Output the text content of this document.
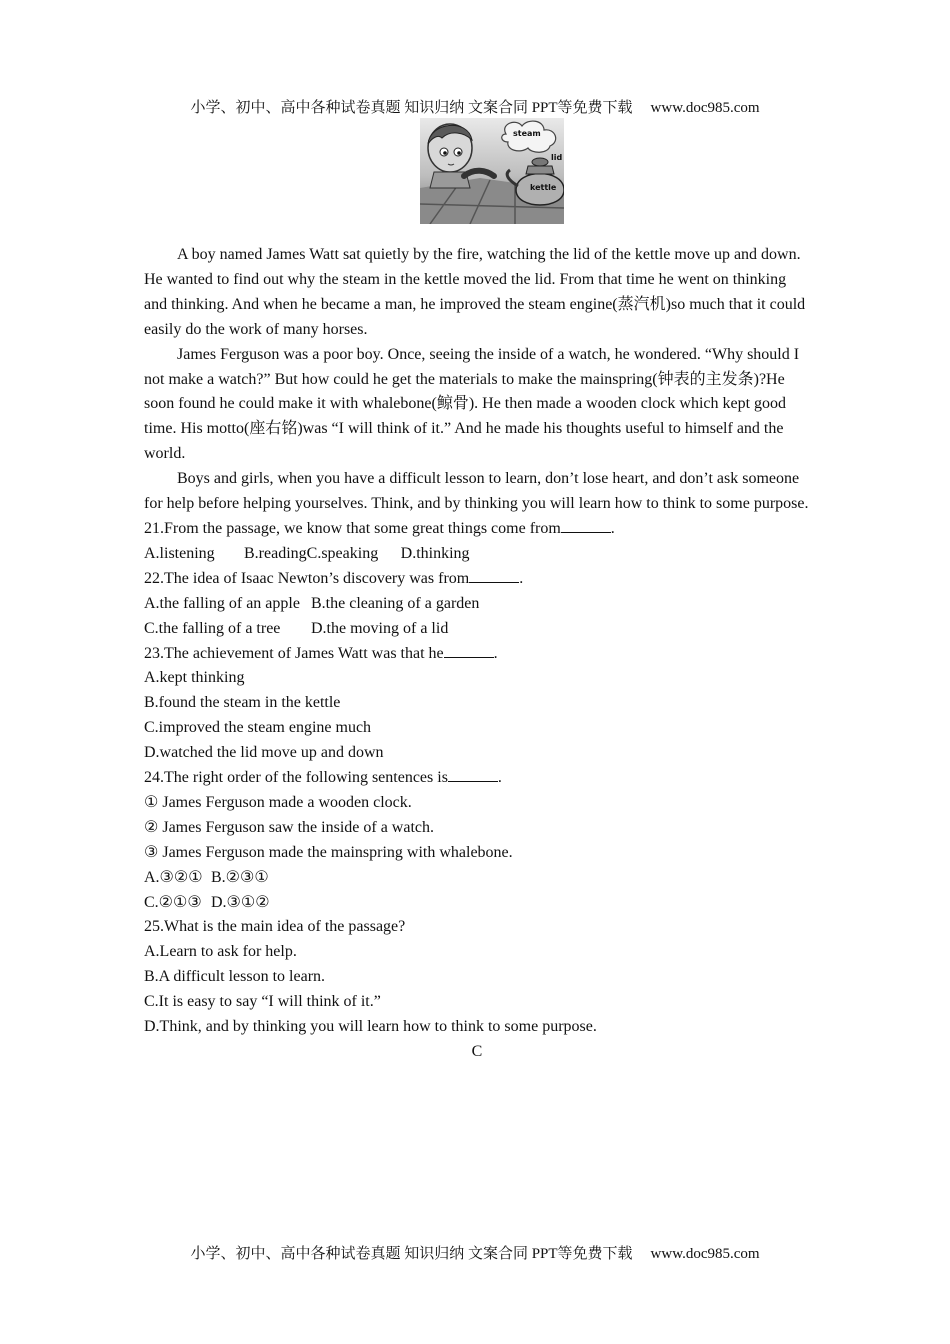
小学、初中、高中各种试卷真题 知识归纳 文案合同 PPT等免费下载 www.doc985.com
steam
lid
kettle

A boy named James Watt sat quietly by the fire, watching the lid of the kettle move up and down. He wanted to find out why the steam in the kettle moved the lid. From that time he went on thinking and thinking. And when he became a man, he improved the steam engine(蒸汽机)so much that it could easily do the work of many horses.

James Ferguson was a poor boy. Once, seeing the inside of a watch, he wondered. “Why should I not make a watch?” But how could he get the materials to make the mainspring(钟表的主发条)?He soon found he could make it with whalebone(鲸骨). He then made a wooden clock which kept good time. His motto(座右铭)was “I will think of it.” And he made his thoughts useful to himself and the world.

Boys and girls, when you have a difficult lesson to learn, don’t lose heart, and don’t ask someone for help before helping yourselves. Think, and by thinking you will learn how to think to some purpose.

21.From the passage, we know that some great things come from	.

A.listening B.readingC.speaking D.thinking

22.The idea of Isaac Newton’s discovery was from	.

A.the falling of an apple B.the cleaning of a garden

C.the falling of a tree D.the moving of a lid

23.The achievement of James Watt was that he	.

A.kept thinking

B.found the steam in the kettle

C.improved the steam engine much

D.watched the lid move up and down

24.The right order of the following sentences is	.

① James Ferguson made a wooden clock.

② James Ferguson saw the inside of a watch.

③ James Ferguson made the mainspring with whalebone.

A.③②① B.②③①

C.②①③ D.③①②

25.What is the main idea of the passage?

A.Learn to ask for help.

B.A difficult lesson to learn.

C.It is easy to say “I will think of it.”

D.Think, and by thinking you will learn how to think to some purpose.

C

小学、初中、高中各种试卷真题 知识归纳 文案合同 PPT等免费下载 www.doc985.com
